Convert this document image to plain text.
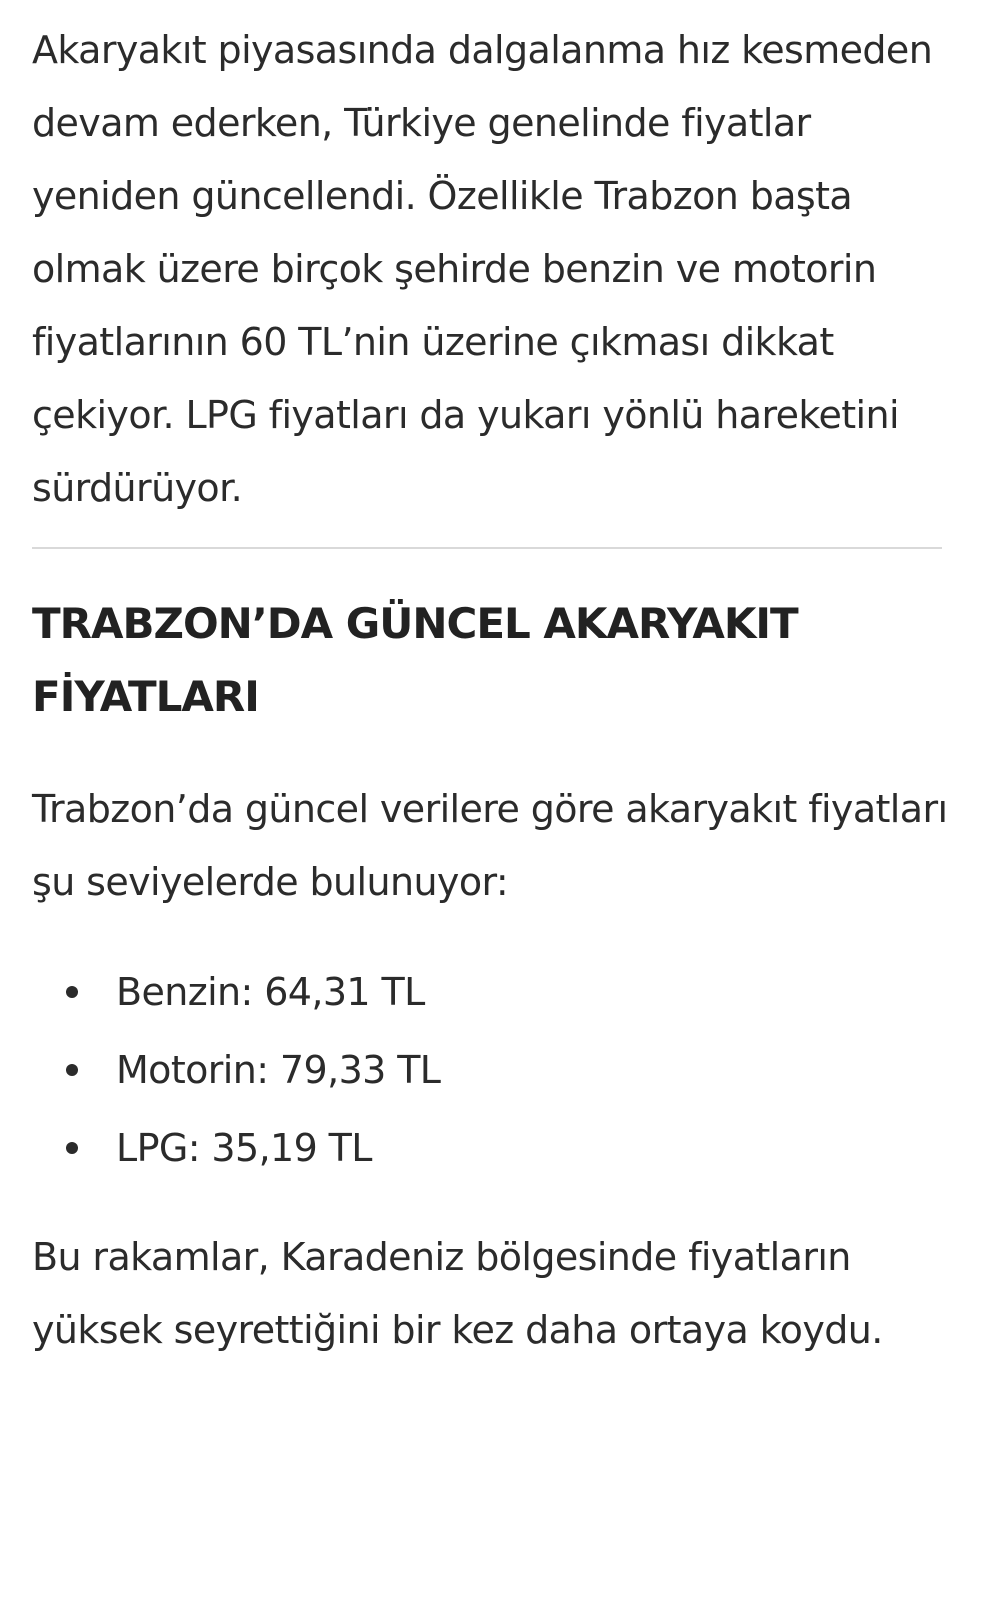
Akaryakıt piyasasında dalgalanma hız kesmeden devam ederken, Türkiye genelinde fiyatlar yeniden güncellendi. Özellikle Trabzon başta olmak üzere birçok şehirde benzin ve motorin fiyatlarının 60 TL’nin üzerine çıkması dikkat çekiyor. LPG fiyatları da yukarı yönlü hareketini sürdürüyor.

TRABZON’DA GÜNCEL AKARYAKIT FİYATLARI

Trabzon’da güncel verilere göre akaryakıt fiyatları şu seviyelerde bulunuyor:

Benzin: 64,31 TL
Motorin: 79,33 TL
LPG: 35,19 TL

Bu rakamlar, Karadeniz bölgesinde fiyatların yüksek seyrettiğini bir kez daha ortaya koydu.
